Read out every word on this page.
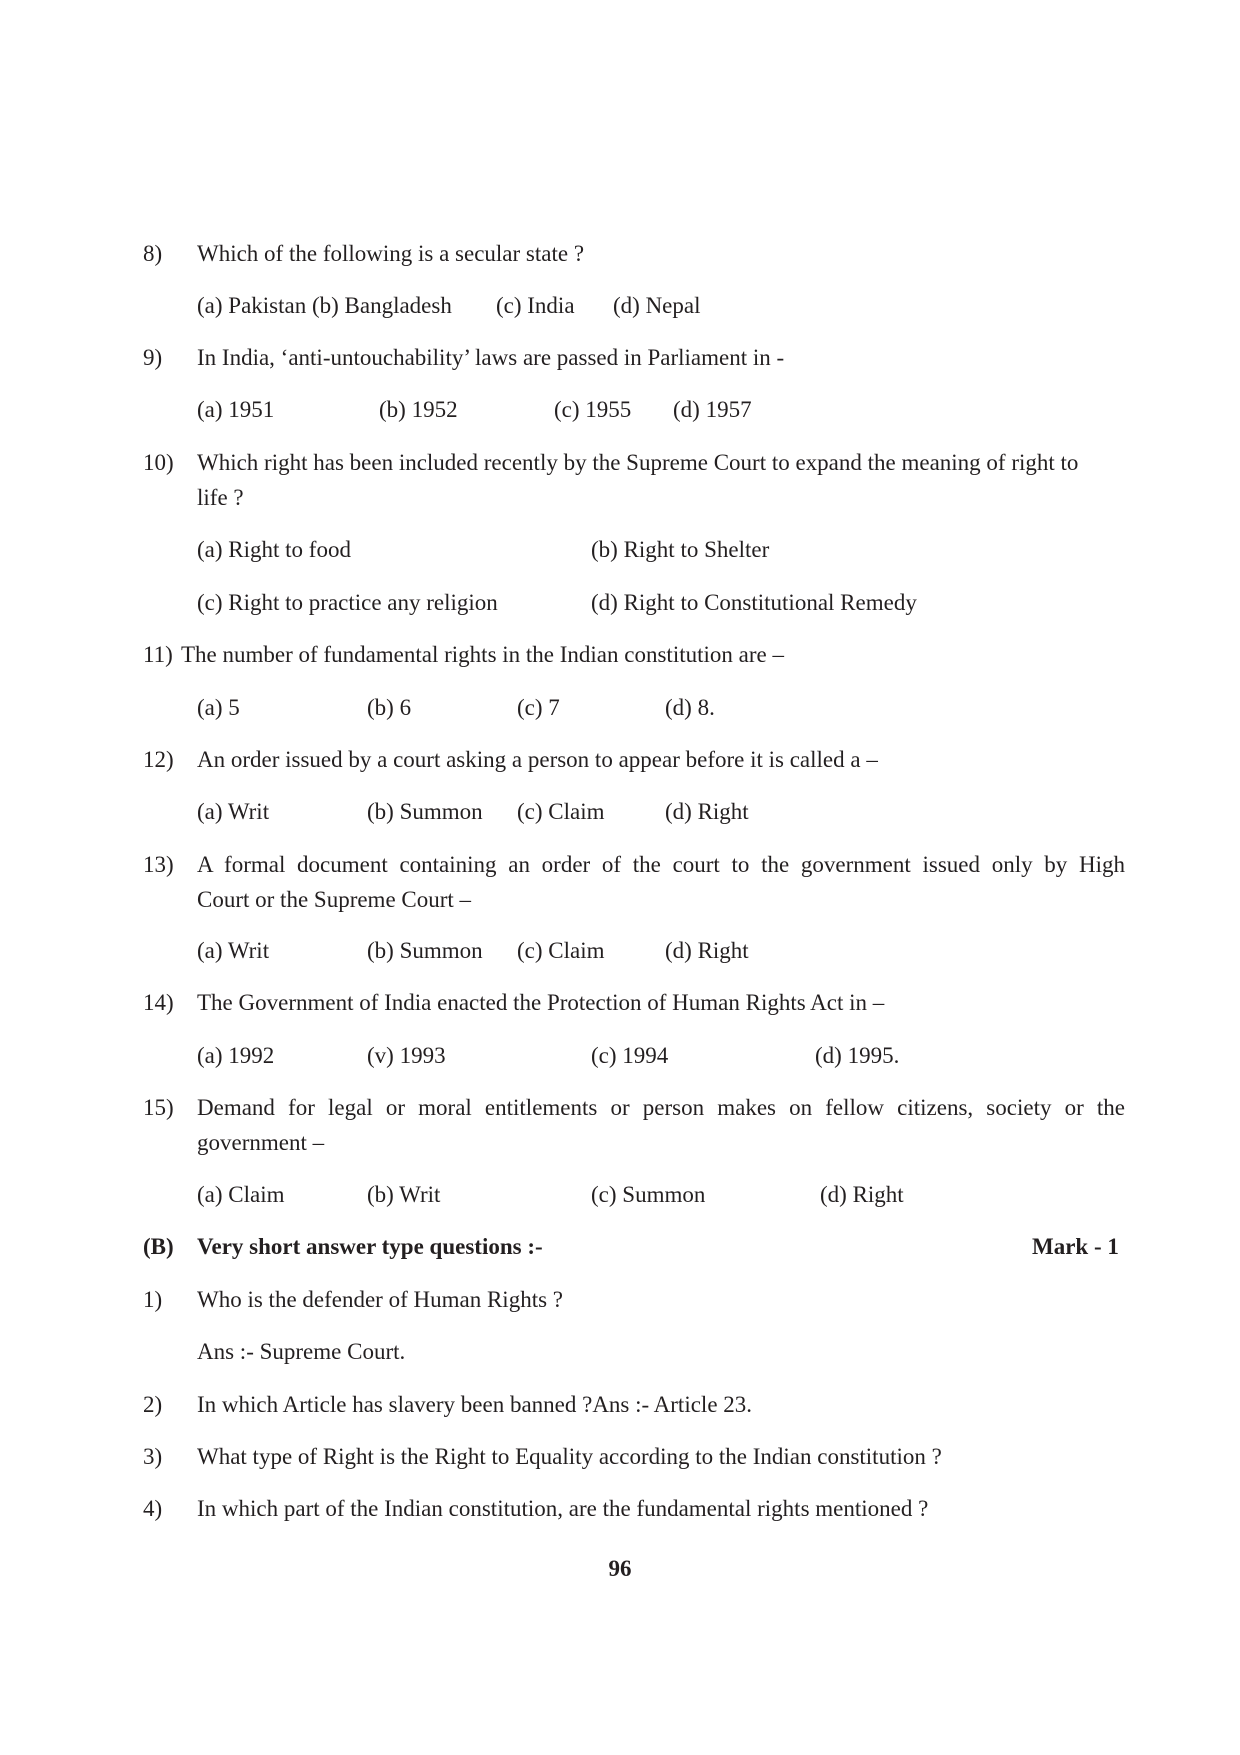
8) Which of the following is a secular state ?
(a) Pakistan (b) Bangladesh (c) India (d) Nepal
9) In India, ‘anti-untouchability’ laws are passed in Parliament in -
(a) 1951	(b) 1952	(c) 1955 (d) 1957
10) Which right has been included recently by the Supreme Court to expand the meaning of right to
life ?
(a) Right to food	(b) Right to Shelter
(c) Right to practice any religion	(d) Right to Constitutional Remedy
11) The number of fundamental rights in the Indian constitution are –
(a) 5	(b) 6	(c) 7	(d) 8.
12) An order issued by a court asking a person to appear before it is called a –
(a) Writ	(b) Summon (c) Claim	(d) Right
13) A formal document containing an order of the court to the government issued only by High
Court or the Supreme Court –
(a) Writ	(b) Summon (c) Claim	(d) Right
14) The Government of India enacted the Protection of Human Rights Act in –
(a) 1992	(v) 1993	(c) 1994	(d) 1995.
15) Demand for legal or moral entitlements or person makes on fellow citizens, society or the
government –
(a) Claim	(b) Writ	(c) Summon	(d) Right
(B) Very short answer type questions :-	Mark - 1
1) Who is the defender of Human Rights ?
Ans :- Supreme Court.
2) In which Article has slavery been banned ?Ans :- Article 23.
3) What type of Right is the Right to Equality according to the Indian constitution ?
4) In which part of the Indian constitution, are the fundamental rights mentioned ?
96
